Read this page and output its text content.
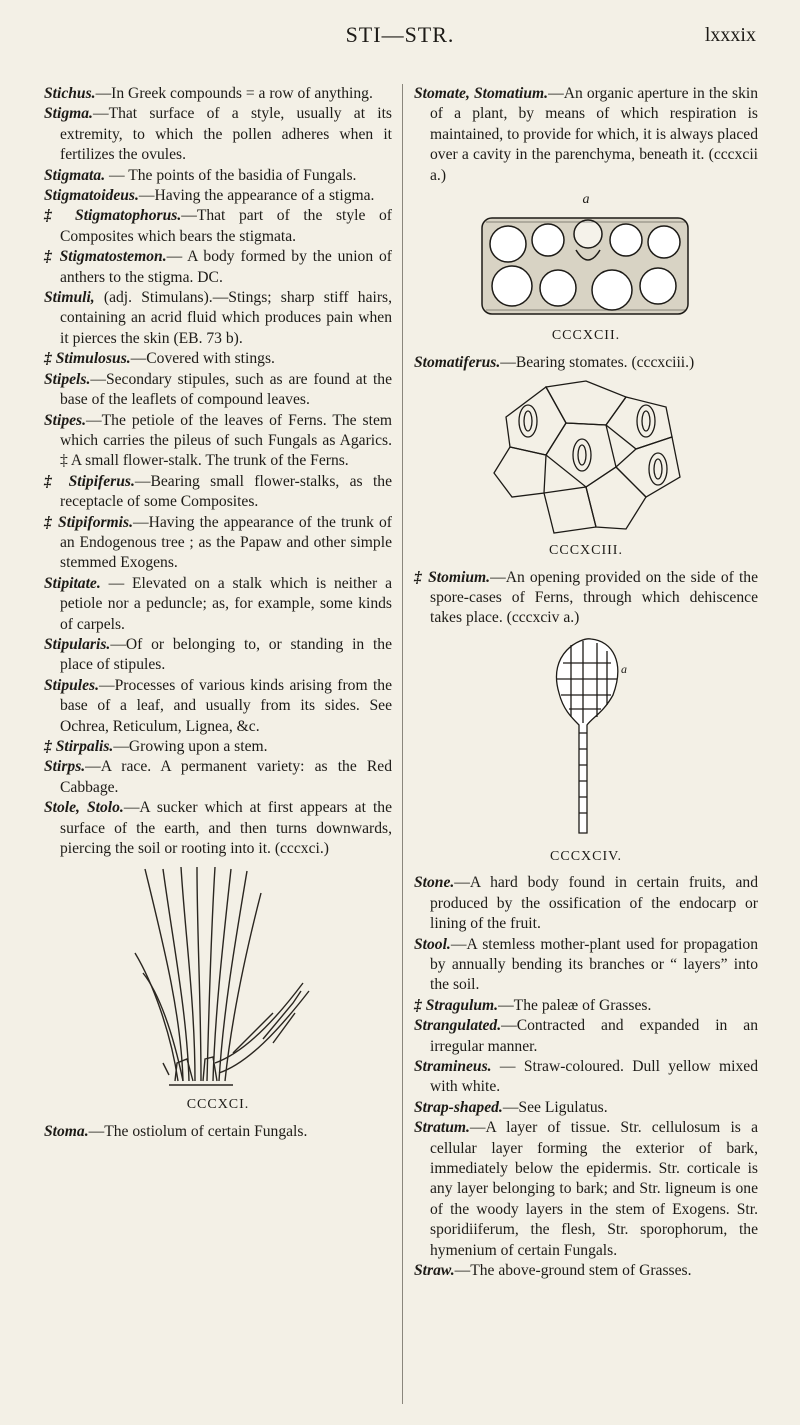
STI—STR.	lxxxix

Stichus.—In Greek compounds = a row of anything.

Stigma.—That surface of a style, usually at its extremity, to which the pollen adheres when it fertilizes the ovules.

Stigmata. — The points of the basidia of Fungals.

Stigmatoideus.—Having the appearance of a stigma.

‡ Stigmatophorus.—That part of the style of Composites which bears the stigmata.

‡ Stigmatostemon.— A body formed by the union of anthers to the stigma. DC.

Stimuli, (adj. Stimulans).—Stings; sharp stiff hairs, containing an acrid fluid which produces pain when it pierces the skin (EB. 73 b).

‡ Stimulosus.—Covered with stings.

Stipels.—Secondary stipules, such as are found at the base of the leaflets of compound leaves.

Stipes.—The petiole of the leaves of Ferns. The stem which carries the pileus of such Fungals as Agarics. ‡ A small flower-stalk. The trunk of the Ferns.

‡ Stipiferus.—Bearing small flower-stalks, as the receptacle of some Composites.

‡ Stipiformis.—Having the appearance of the trunk of an Endogenous tree ; as the Papaw and other simple stemmed Exogens.

Stipitate. — Elevated on a stalk which is neither a petiole nor a peduncle; as, for example, some kinds of carpels.

Stipularis.—Of or belonging to, or standing in the place of stipules.

Stipules.—Processes of various kinds arising from the base of a leaf, and usually from its sides. See Ochrea, Reticulum, Lignea, &c.

‡ Stirpalis.—Growing upon a stem.

Stirps.—A race. A permanent variety: as the Red Cabbage.

Stole, Stolo.—A sucker which at first appears at the surface of the earth, and then turns downwards, piercing the soil or rooting into it. (cccxci.)

CCCXCI.

Stoma.—The ostiolum of certain Fungals.

Stomate, Stomatium.—An organic aperture in the skin of a plant, by means of which respiration is maintained, to provide for which, it is always placed over a cavity in the parenchyma, beneath it. (cccxcii a.)

a
CCCXCII.

Stomatiferus.—Bearing stomates. (cccxciii.)

CCCXCIII.

‡ Stomium.—An opening provided on the side of the spore-cases of Ferns, through which dehiscence takes place. (cccxciv a.)

a
CCCXCIV.

Stone.—A hard body found in certain fruits, and produced by the ossification of the endocarp or lining of the fruit.

Stool.—A stemless mother-plant used for propagation by annually bending its branches or “ layers” into the soil.

‡ Stragulum.—The paleæ of Grasses.

Strangulated.—Contracted and expanded in an irregular manner.

Stramineus. — Straw-coloured. Dull yellow mixed with white.

Strap-shaped.—See Ligulatus.

Stratum.—A layer of tissue. Str. cellulosum is a cellular layer forming the exterior of bark, immediately below the epidermis. Str. corticale is any layer belonging to bark; and Str. ligneum is one of the woody layers in the stem of Exogens. Str. sporidiiferum, the flesh, Str. sporophorum, the hymenium of certain Fungals.

Straw.—The above-ground stem of Grasses.
